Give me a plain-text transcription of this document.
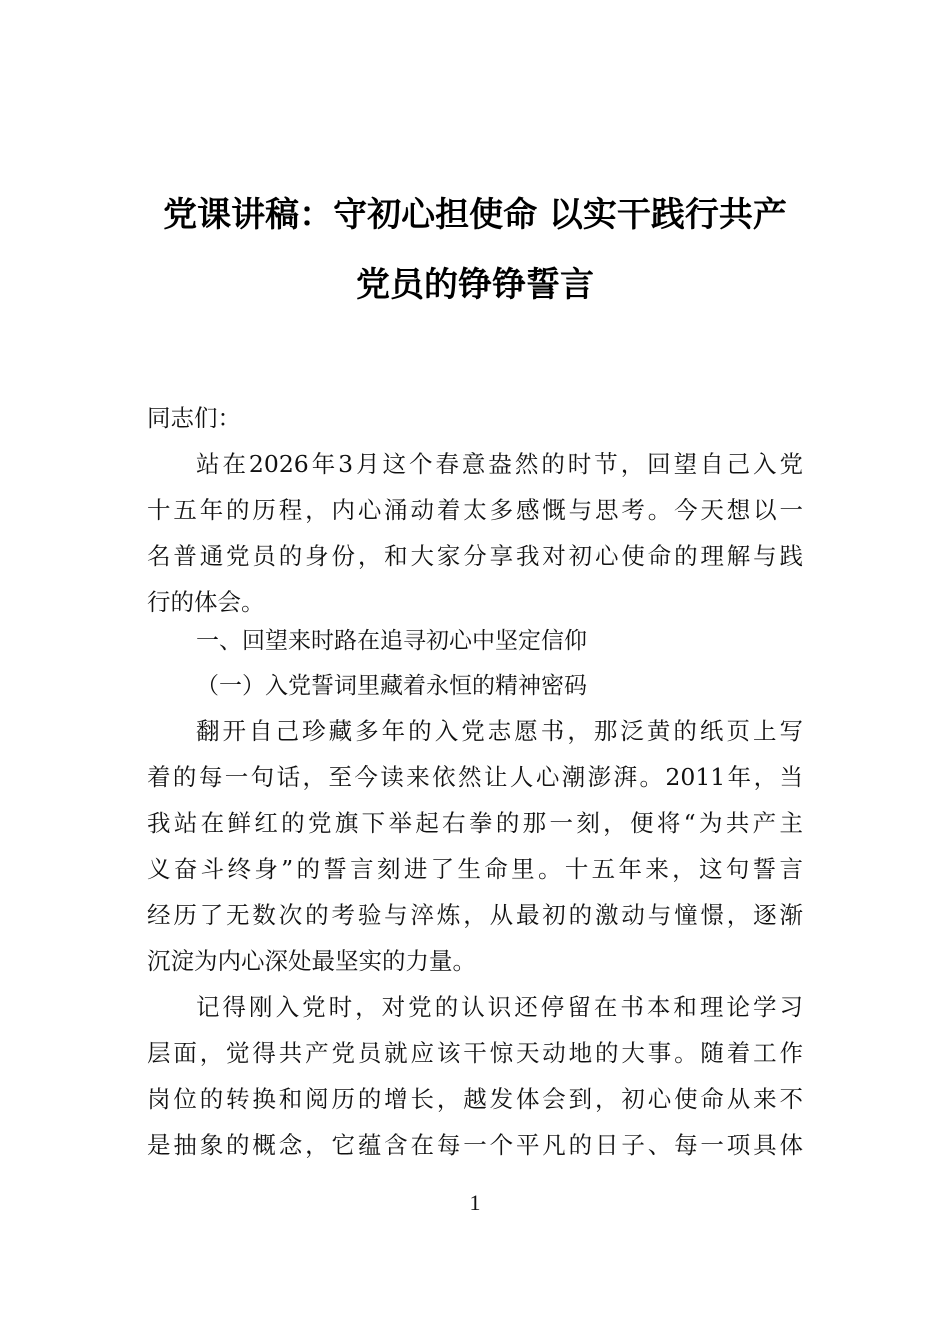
党课讲稿：守初心担使命 以实干践行共产
党员的铮铮誓言
同志们：
站在2026年3月这个春意盎然的时节，回望自己入党
十五年的历程，内心涌动着太多感慨与思考。今天想以一
名普通党员的身份，和大家分享我对初心使命的理解与践
行的体会。
一、回望来时路在追寻初心中坚定信仰
（一）入党誓词里藏着永恒的精神密码
翻开自己珍藏多年的入党志愿书，那泛黄的纸页上写
着的每一句话，至今读来依然让人心潮澎湃。2011年，当
我站在鲜红的党旗下举起右拳的那一刻，便将“为共产主
义奋斗终身”的誓言刻进了生命里。十五年来，这句誓言
经历了无数次的考验与淬炼，从最初的激动与憧憬，逐渐
沉淀为内心深处最坚实的力量。
记得刚入党时，对党的认识还停留在书本和理论学习
层面，觉得共产党员就应该干惊天动地的大事。随着工作
岗位的转换和阅历的增长，越发体会到，初心使命从来不
是抽象的概念，它蕴含在每一个平凡的日子、每一项具体
1
